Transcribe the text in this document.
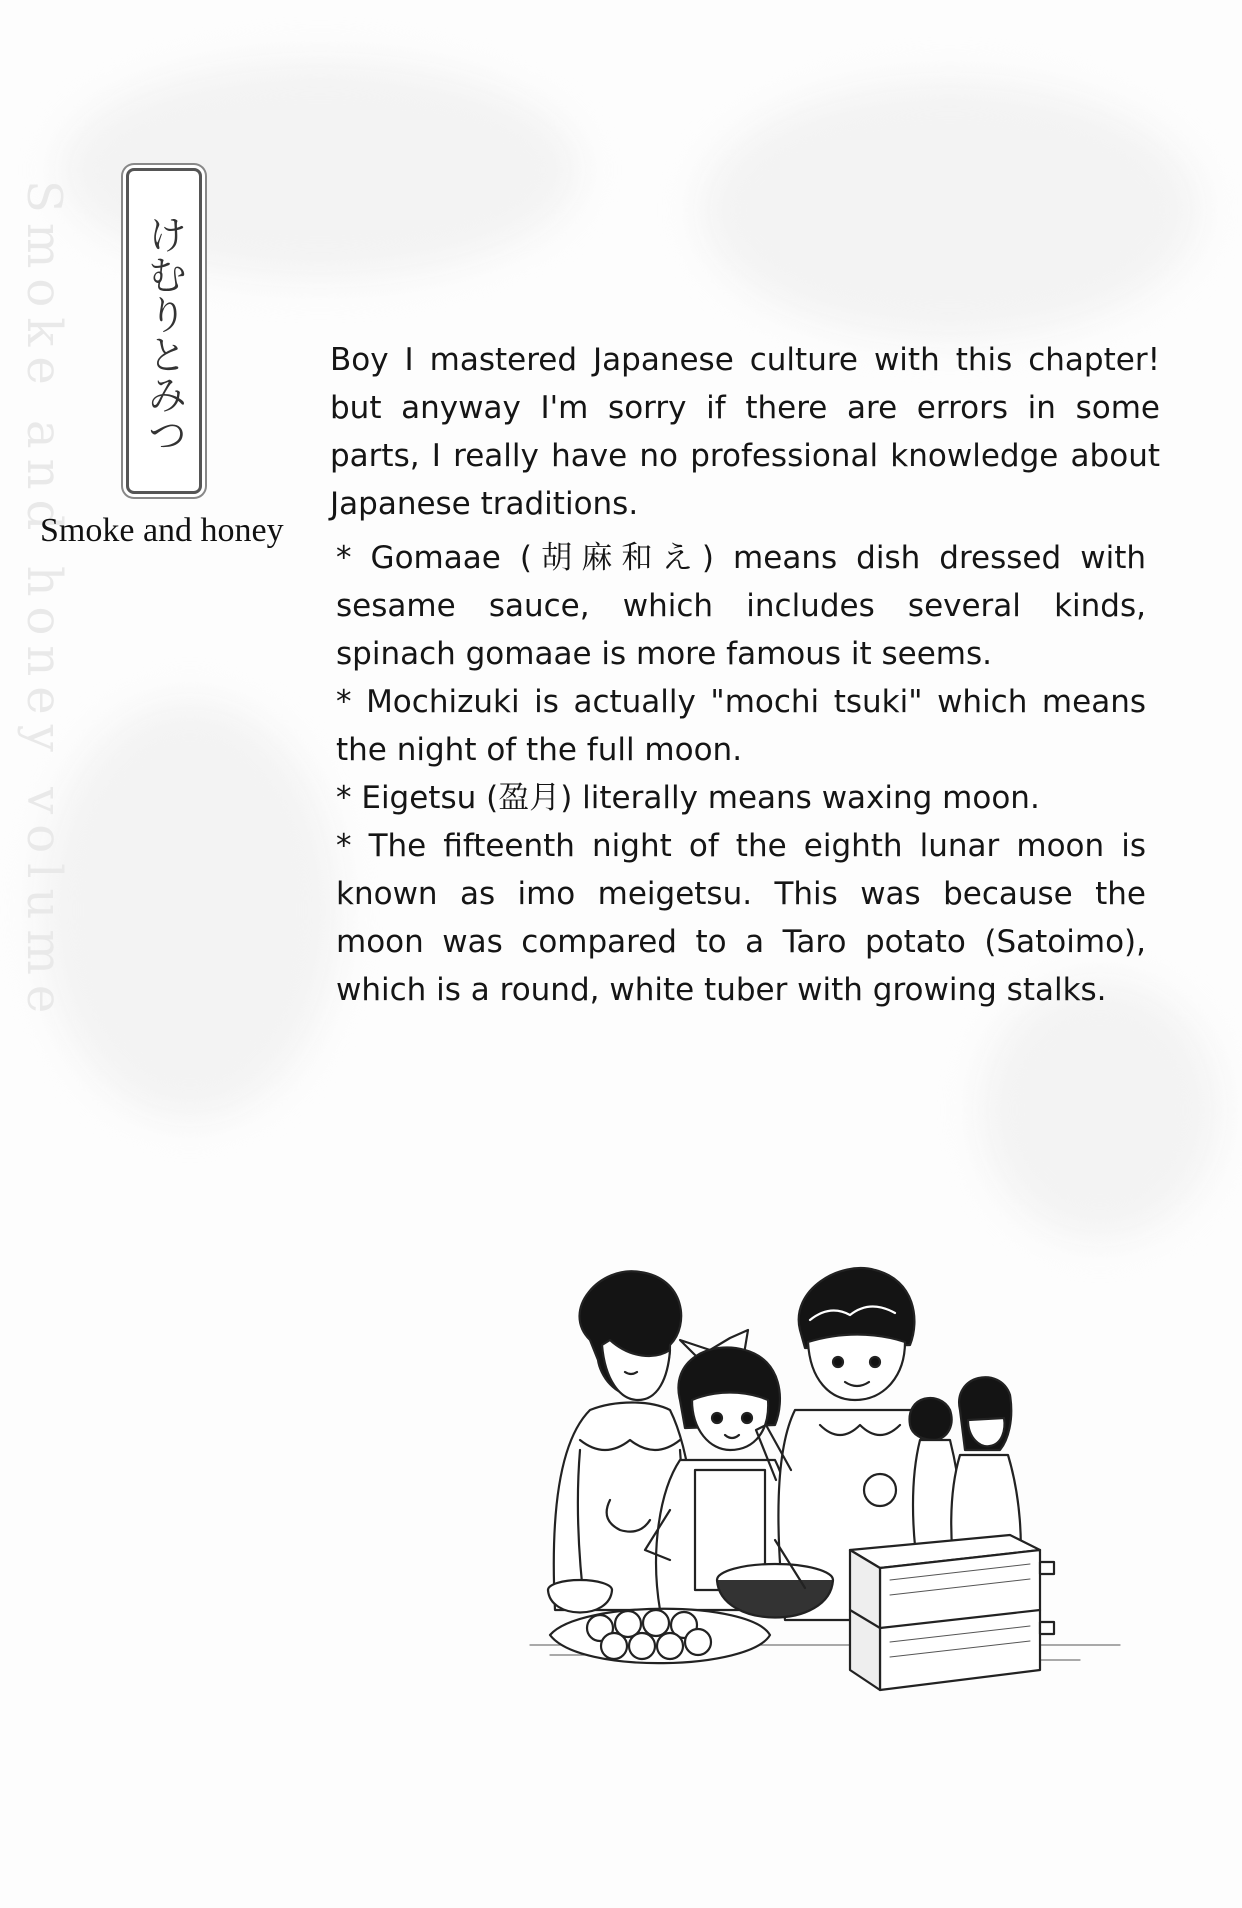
Smoke and honey volume	けむりとみつ
Smoke and honey

Boy I mastered Japanese culture with this chapter! but anyway I'm sorry if there are errors in some parts, I really have no professional knowledge about Japanese traditions.

* Gomaae (胡麻和え) means dish dressed with sesame sauce, which includes several kinds, spinach gomaae is more famous it seems.

* Mochizuki is actually "mochi tsuki" which means the night of the full moon.

* Eigetsu (盈月) literally means waxing moon.

* The fifteenth night of the eighth lunar moon is known as imo meigetsu. This was because the moon was compared to a Taro potato (Satoimo), which is a round, white tuber with growing stalks.
